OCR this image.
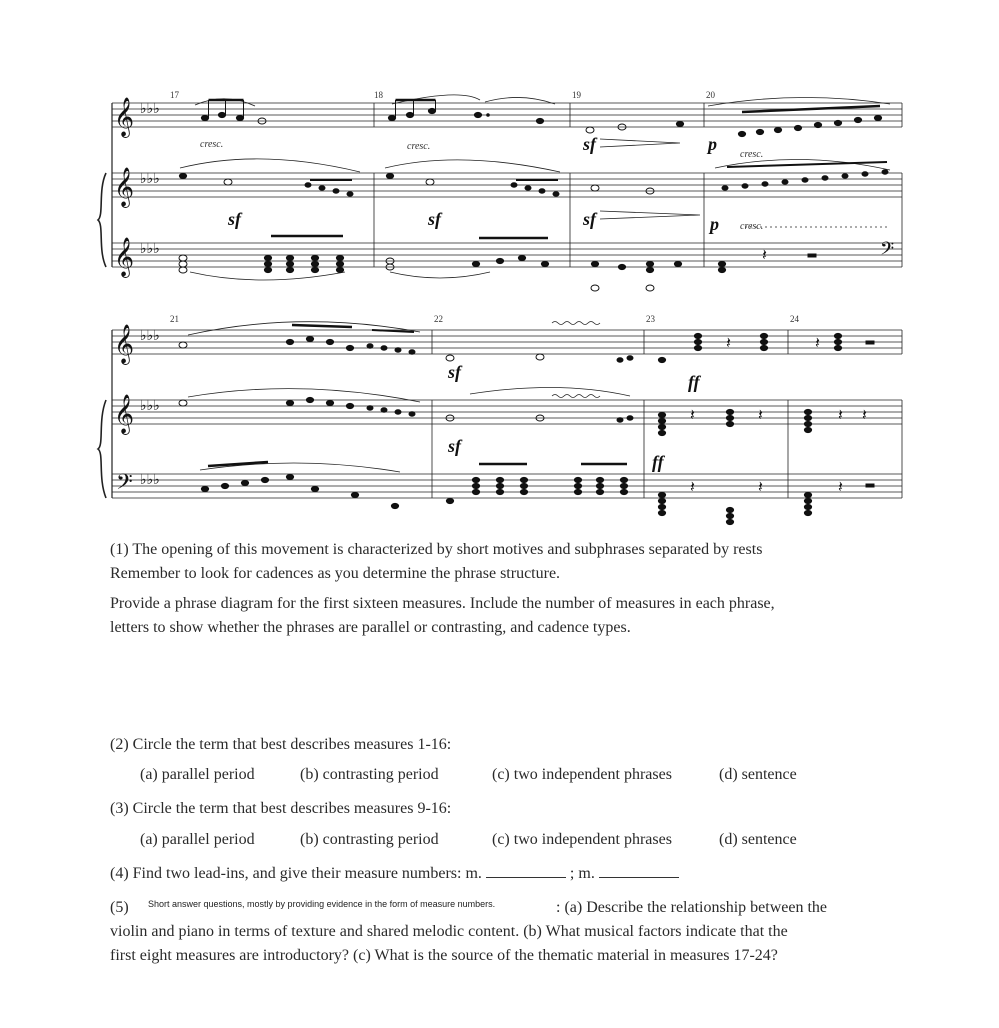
𝄞
𝄞
𝄞
𝄞
𝄞
𝄢
𝄢
♭♭♭
♭♭♭
♭♭♭
♭♭♭
♭♭♭
♭♭♭
𝄽
𝄽	𝄽
𝄽	𝄽	𝄽 𝄽
𝄽	𝄽	𝄽
17	18	19	20
21	22	23	24
cresc.	cresc.
cresc.
cresc.
sf	p
sf	sf	sf	p
sf	ff
sf
ff
(1) The opening of this movement is characterized by short motives and subphrases separated by rests
Remember to look for cadences as you determine the phrase structure.
Provide a phrase diagram for the first sixteen measures. Include the number of measures in each phrase,
letters to show whether the phrases are parallel or contrasting, and cadence types.
(2) Circle the term that best describes measures 1-16:
(a) parallel period	(b) contrasting period	(c) two independent phrases	(d) sentence
(3) Circle the term that best describes measures 9-16:
(a) parallel period	(b) contrasting period	(c) two independent phrases	(d) sentence
(4) Find two lead-ins, and give their measure numbers: m.	; m.
(5) Short answer questions, mostly by providing evidence in the form of measure numbers.	: (a) Describe the relationship between the
violin and piano in terms of texture and shared melodic content. (b) What musical factors indicate that the
first eight measures are introductory? (c) What is the source of the thematic material in measures 17-24?
